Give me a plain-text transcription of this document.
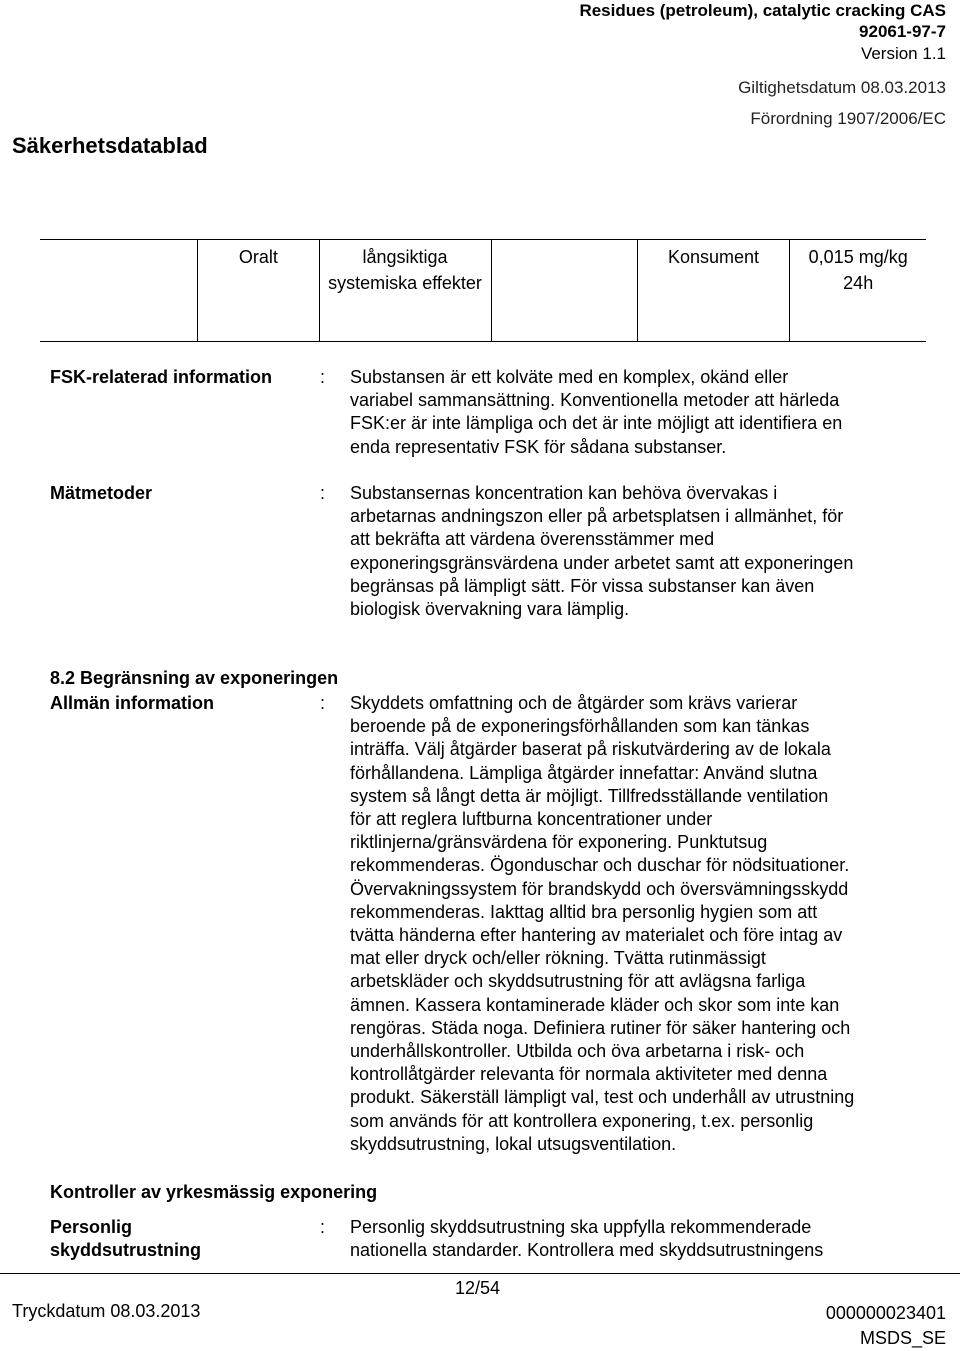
Residues (petroleum), catalytic cracking CAS
92061-97-7
Version 1.1
Giltighetsdatum 08.03.2013
Förordning 1907/2006/EC
Säkerhetsdatablad
	Oralt	långsiktiga systemiska effekter		Konsument	0,015 mg/kg 24h
FSK-relaterad information	: Substansen är ett kolväte med en komplex, okänd eller
variabel sammansättning. Konventionella metoder att härleda
FSK:er är inte lämpliga och det är inte möjligt att identifiera en
enda representativ FSK för sådana substanser.
Mätmetoder	: Substansernas koncentration kan behöva övervakas i
arbetarnas andningszon eller på arbetsplatsen i allmänhet, för
att bekräfta att värdena överensstämmer med
exponeringsgränsvärdena under arbetet samt att exponeringen
begränsas på lämpligt sätt. För vissa substanser kan även
biologisk övervakning vara lämplig.
8.2 Begränsning av exponeringen
Allmän information	: Skyddets omfattning och de åtgärder som krävs varierar
beroende på de exponeringsförhållanden som kan tänkas
inträffa. Välj åtgärder baserat på riskutvärdering av de lokala
förhållandena. Lämpliga åtgärder innefattar: Använd slutna
system så långt detta är möjligt. Tillfredsställande ventilation
för att reglera luftburna koncentrationer under
riktlinjerna/gränsvärdena för exponering. Punktutsug
rekommenderas. Ögonduschar och duschar för nödsituationer.
Övervakningssystem för brandskydd och översvämningsskydd
rekommenderas. Iakttag alltid bra personlig hygien som att
tvätta händerna efter hantering av materialet och före intag av
mat eller dryck och/eller rökning. Tvätta rutinmässigt
arbetskläder och skyddsutrustning för att avlägsna farliga
ämnen. Kassera kontaminerade kläder och skor som inte kan
rengöras. Städa noga. Definiera rutiner för säker hantering och
underhållskontroller. Utbilda och öva arbetarna i risk- och
kontrollåtgärder relevanta för normala aktiviteter med denna
produkt. Säkerställ lämpligt val, test och underhåll av utrustning
som används för att kontrollera exponering, t.ex. personlig
skyddsutrustning, lokal utsugsventilation.
Kontroller av yrkesmässig exponering
Personlig
skyddsutrustning
: Personlig skyddsutrustning ska uppfylla rekommenderade
nationella standarder. Kontrollera med skyddsutrustningens
12/54
Tryckdatum 08.03.2013	000000023401
MSDS_SE
